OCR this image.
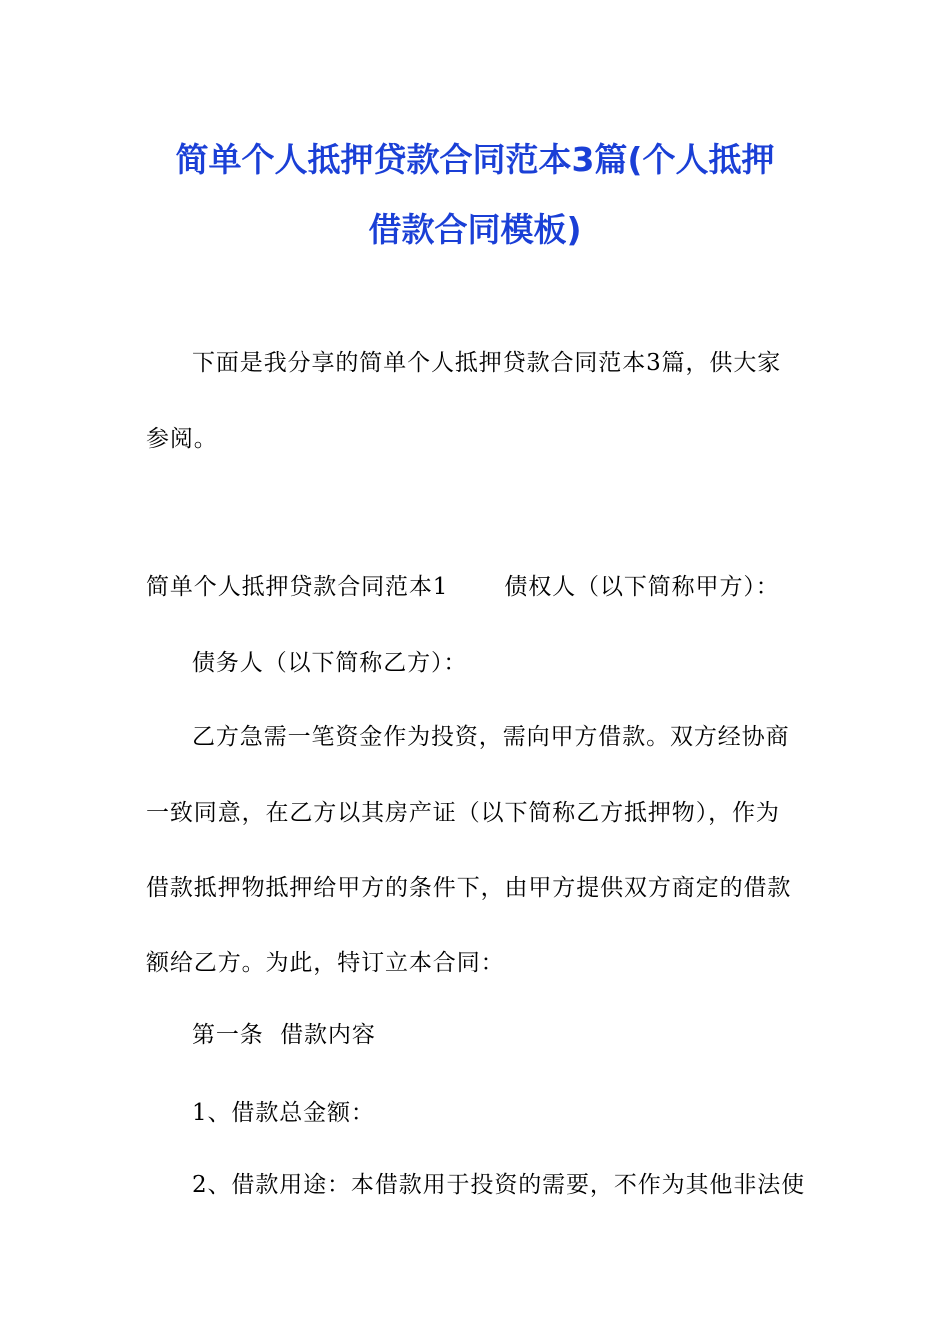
简单个人抵押贷款合同范本3篇(个人抵押
借款合同模板)
下面是我分享的简单个人抵押贷款合同范本3篇，供大家
参阅。
简单个人抵押贷款合同范本1 债权人（以下简称甲方）：
债务人（以下简称乙方）：
乙方急需一笔资金作为投资，需向甲方借款。双方经协商
一致同意，在乙方以其房产证（以下简称乙方抵押物），作为
借款抵押物抵押给甲方的条件下，由甲方提供双方商定的借款
额给乙方。为此，特订立本合同：
第一条  借款内容
1、借款总金额：
2、借款用途：本借款用于投资的需要，不作为其他非法使
